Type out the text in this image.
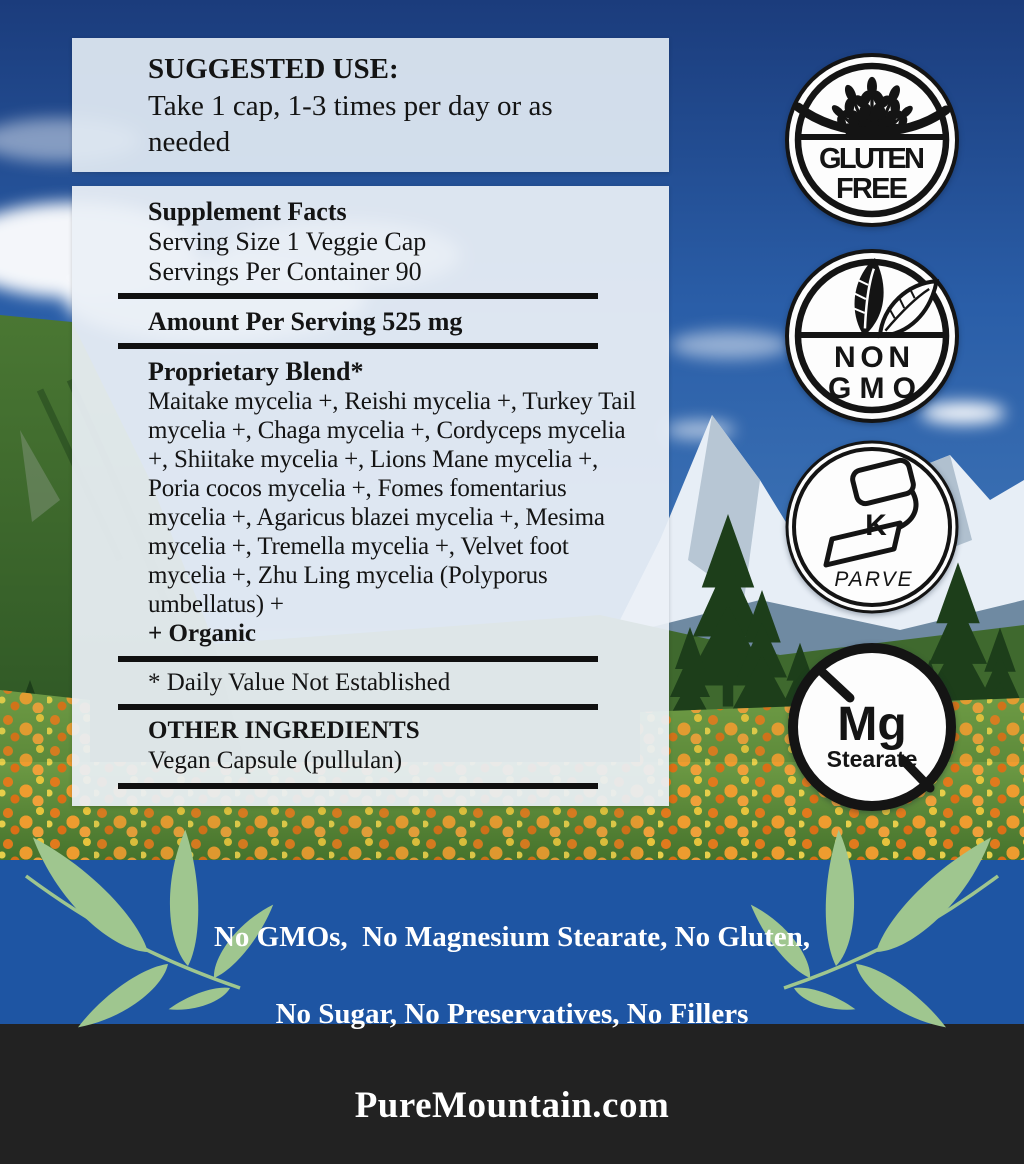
SUGGESTED USE:

Take 1 cap, 1-3 times per day or as needed

Supplement Facts

Serving Size 1 Veggie Cap

Servings Per Container 90

Amount Per Serving 525 mg

Proprietary Blend*

Maitake mycelia +, Reishi mycelia +, Turkey Tail mycelia +, Chaga mycelia +, Cordyceps mycelia +, Shiitake mycelia +, Lions Mane mycelia +, Poria cocos mycelia +, Fomes fomentarius mycelia +, Agaricus blazei mycelia +, Mesima mycelia +, Tremella mycelia +, Velvet foot mycelia +, Zhu Ling mycelia (Polyporus umbellatus) +

+ Organic

* Daily Value Not Established

OTHER INGREDIENTS

Vegan Capsule (pullulan)

GLUTEN
FREE
NON
GMO
K
PARVE
Mg
Stearate

No GMOs,  No Magnesium Stearate, No Gluten,

No Sugar, No Preservatives, No Fillers

PureMountain.com
